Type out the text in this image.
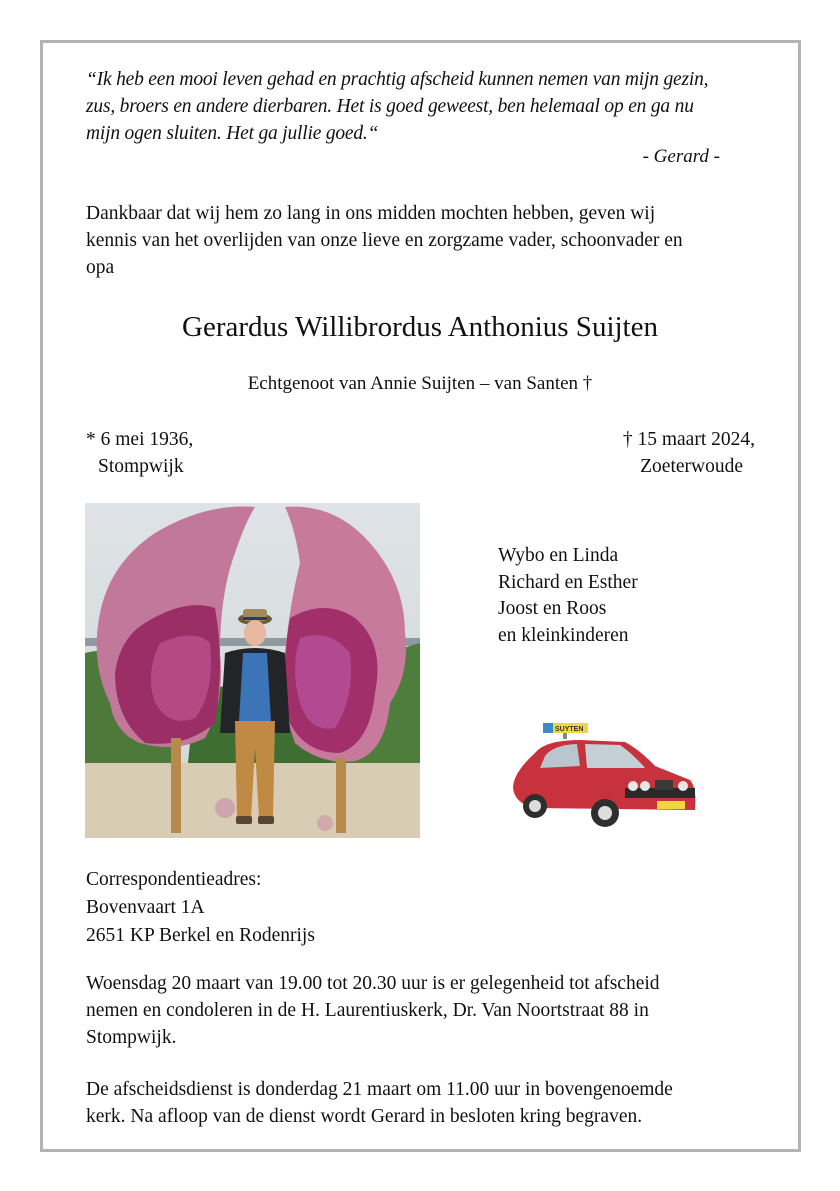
“Ik heb een mooi leven gehad en prachtig afscheid kunnen nemen van mijn gezin,
zus, broers en andere dierbaren. Het is goed geweest, ben helemaal op en ga nu
mijn ogen sluiten. Het ga jullie goed.“
- Gerard -
Dankbaar dat wij hem zo lang in ons midden mochten hebben, geven wij
kennis van het overlijden van onze lieve en zorgzame vader, schoonvader en
opa
Gerardus Willibrordus Anthonius Suijten
Echtgenoot van Annie Suijten – van Santen †
* 6 mei 1936,
Stompwijk
† 15 maart 2024,
Zoeterwoude
Wybo en Linda
Richard en Esther
Joost en Roos
en kleinkinderen
SUYTEN
Correspondentieadres:
Bovenvaart 1A
2651 KP Berkel en Rodenrijs
Woensdag 20 maart van 19.00 tot 20.30 uur is er gelegenheid tot afscheid
nemen en condoleren in de H. Laurentiuskerk, Dr. Van Noortstraat 88 in
Stompwijk.
De afscheidsdienst is donderdag 21 maart om 11.00 uur in bovengenoemde
kerk. Na afloop van de dienst wordt Gerard in besloten kring begraven.
